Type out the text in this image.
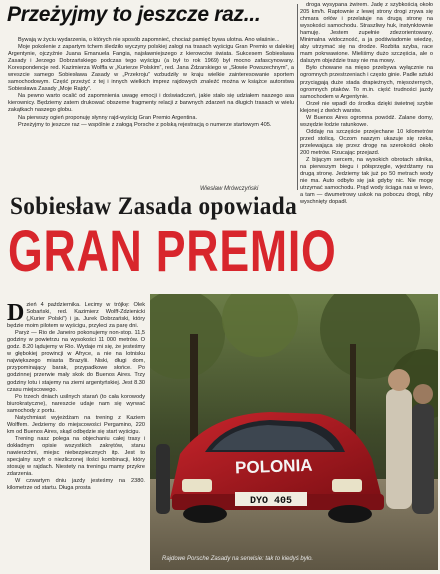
Przeżyjmy to jeszcze raz...

Bywają w życiu wydarzenia, o których nie sposób zapomnieć, chociaż pamięć bywa ulotna. Ano właśnie...

Moje pokolenie z zapartym tchem śledziło wyczyny polskiej załogi na trasach wyścigu Gran Premio w dalekiej Argentynie, ojczyźnie Juana Emanuela Fangia, najsławniejszego z kierowców świata. Sukcesem Sobiesława Zasady i Jerzego Dobrzańskiego podczas tego wyścigu (a był to rok 1969) był mocno zafascynowany. Korespondencje red. Kazimierza Wolffa w „Kurierze Polskim”, red. Jana Żdzarskiego w „Słowie Powszechnym”, a wreszcie samego Sobiesława Zasady w „Przekroju” wzbudziły w kraju wielkie zainteresowanie sportem samochodowym. Część przeżyć z tej i innych wielkich imprez rajdowych znaleźć można w książce autorstwa Sobiesława Zasady „Moje Rajdy”.

Na pewno warto ocalić od zapomnienia uwagę emocji i doświadczeń, jakie stało się udziałem naszego asa kierownicy. Będziemy zatem drukować obszerne fragmenty relacji z barwnych zdarzeń na długich trasach w wielu zakątkach naszego globu.

Na pierwszy ogień proponuję słynny rajd-wyścig Gran Premio Argentina.

Przeżyjmy to jeszcze raz — wspólnie z załogą Porsche z polską rejestracją o numerze startowym 405.

Wiesław Mrówczyński
Sobiesław Zasada opowiada
GRAN PREMIO

droga wysypana żwirem. Jadę z szybkością około 205 km/h. Raptownie z lewej strony drogi zrywa się chmara orłów i przelatuje na drugą stronę na wysokości samochodu. Straszliwy huk, instynktownie hamuję. Jestem zupełnie zdezorientowany. Minimalna widoczność, a ja podświadomie wiedzę, aby utrzymać się na drodze. Rozbita szyba, race mam pokrwawione. Mieliśmy dużo szczęścia, ale o dalszym objeździe trasy nie ma mowy.

Było chowane na mięso przebywa wyłącznie na ogromnych przestrzeniach i często ginie. Padłe sztuki przyciągają duże stada drapieżnych, mięsożernych, ogromnych ptaków. To m.in. cięść trudności jazdy samochodem w Argentynie.

Orzeł nie wpadł do środka dzięki świetnej szybie klejonej z dwóch warstw.

W Buenos Aires ogromna powódź. Zalane domy, wszędzie łodzie ratunkowe.

Oddaję na szczęście przejechane 10 kilometrów przed stolicą. Oczom naszym ukazuje się rzeka, przelewająca się przez drogę na szerokości około 200 metrów. Rzucając przejazd.

Z bijącym sercem, na wysokich obrotach silnika, na pierwszym biegu i półsprzęgle, wjeżdżamy na drugą stronę. Jedziemy tak już po 50 metrach wody nie ma. Auto odbyło się jak gdyby nic. Nie mogę utrzymać samochodu. Prąd wody ściąga nas w lewo, a tam — dwumetrowy uskok na poboczu drogi, niby wyschnięty dopadł.

D zień 4 października. Lecimy w trójkę: Olek Sobański, red. Kazimierz Wolff-Zdzienicki („Kurier Polski”) i ja. Jurek Dobrzański, który będzie moim pilotem w wyścigu, przyleci za parę dni.

Paryż — Rio de Janeiro pokonujemy non-stop. 11,5 godziny w powietrzu na wysokości 11 000 metrów. O godz. 8.20 lądujemy w Rio. Wydaje mi się, że jesteśmy w głębokiej prowincji w Afryce, a nie na lotnisku największego miasta Brazylii. Niski, długi dom, przypominający barak, przypadkowe słońce. Po godzinnej przerwie mały skok do Buenos Aires. Trzy godziny lotu i stajemy na ziemi argentyńskiej. Jest 8.30 czasu miejscowego.

Po trzech dniach usilnych starań (to cała korowody biurokratyczne), nareszcie udaje nam się wyrwać samochody z portu.

Natychmiast wyjeżdżam na trening z Kaziem Wolffem. Jedziemy do miejscowości Pergamino, 220 km od Buenos Aires, skąd odbędzie się start wyścigu.

Trening nasz polega na objechaniu całej trasy i dokładnym opisie wszystkich zakrętów, stanu nawierzchni, miejsc niebezpiecznych itp. Jest to specjalny szyfr o niezliczonej ilości kombinacji, który stosuję w rajdach. Niestety na treningu mamy przykre zdarzenia.

W czwartym dniu jazdy jesteśmy na 2380. kilometrze od startu. Długa prosta

DYO 405
POLONIA
Rajdowe Porsche Zasady na serwisie: tak to kiedyś było.
